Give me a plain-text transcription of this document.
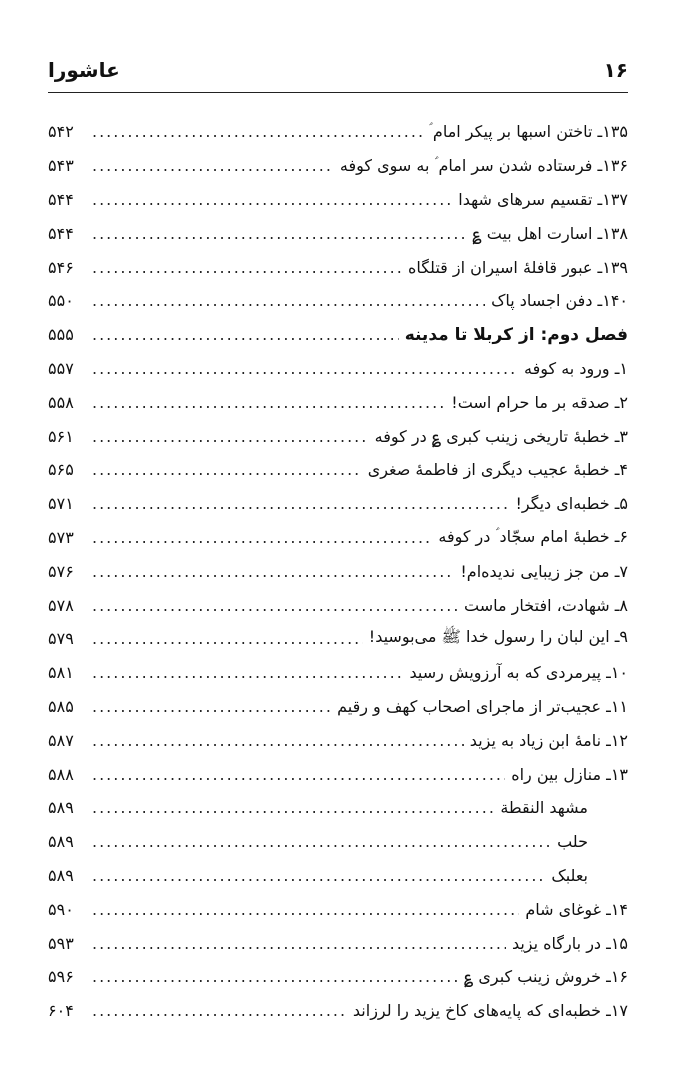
عاشورا	۱۶
۵۴۲ .....	۱۳۵ـ تاختن اسبها بر پیکر امام ؑ
۵۴۳ .....	۱۳۶ـ فرستاده شدن سر امام ؑ به سوی کوفه
۵۴۴ .....	۱۳۷ـ تقسیم سرهای شهدا
۵۴۴ .....	۱۳۸ـ اسارت اهل بیت ؏
۵۴۶ .....	۱۳۹ـ عبور قافلهٔ اسیران از قتلگاه
۵۵۰ .....	۱۴۰ـ دفن اجساد پاک
۵۵۵ .....	فصل دوم: از کربلا تا مدینه
۵۵۷ .....	۱ـ ورود به کوفه
۵۵۸ .....	۲ـ صدقه بر ما حرام است!
۵۶۱ .....	۳ـ خطبهٔ تاریخی زینب کبری ؏ در کوفه
۵۶۵ .....	۴ـ خطبهٔ عجیب دیگری از فاطمهٔ صغری
۵۷۱ .....	۵ـ خطبه‌ای دیگر!
۵۷۳ .....	۶ـ خطبهٔ امام سجّاد ؑ در کوفه
۵۷۶ .....	۷ـ من جز زیبایی ندیده‌ام!
۵۷۸ .....	۸ـ شهادت، افتخار ماست
۵۷۹ .....	۹ـ این لبان را رسول خدا ﷺ می‌بوسید!
۵۸۱ .....	۱۰ـ پیرمردی که به آرزویش رسید
۵۸۵ .....	۱۱ـ عجیب‌تر از ماجرای اصحاب کهف و رقیم
۵۸۷ .....	۱۲ـ نامهٔ ابن زیاد به یزید
۵۸۸ .....	۱۳ـ منازل بین راه
۵۸۹ .....	مشهد النقطة
۵۸۹ .....	حلب
۵۸۹ .....	بعلبک
۵۹۰ .....	۱۴ـ غوغای شام
۵۹۳ .....	۱۵ـ در بارگاه یزید
۵۹۶ .....	۱۶ـ خروش زینب کبری ؏
۶۰۴ .....	۱۷ـ خطبه‌ای که پایه‌های کاخ یزید را لرزاند
